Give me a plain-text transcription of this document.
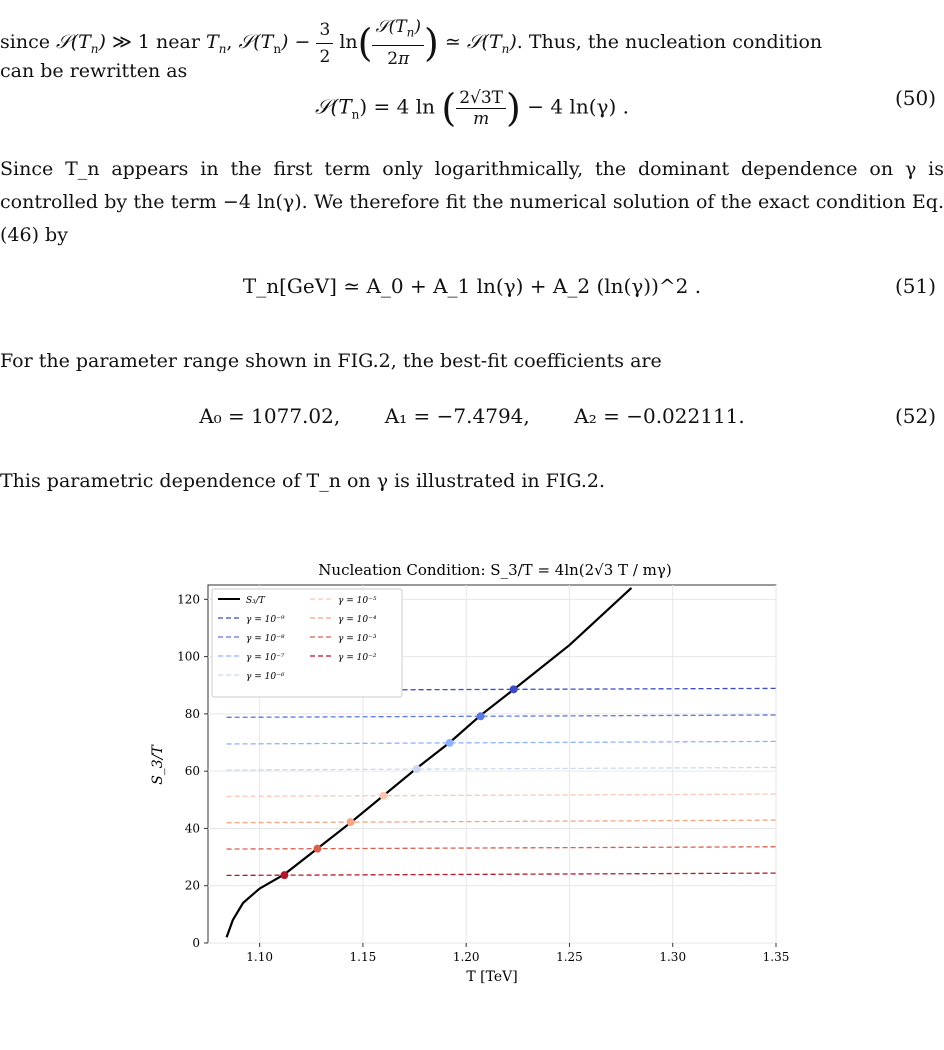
since $𝒮(T_n)$ ≫ 1 near $T_n$, $𝒮(T_n) - \frac{3}{2} \ln( \frac{𝒮(T_n)}{2\pi}$ ) ≃ $𝒮(T_n)$. Thus, the nucleation condition

can be rewritten as

$𝒮(T_n) = 4$ ln ( $\frac{2√3T}{m}$ ) − 4 ln(γ) .	(50)

Since T_n appears in the first term only logarithmically, the dominant dependence on γ is controlled by the term −4 ln(γ). We therefore fit the numerical solution of the exact condition Eq. (46) by

T_n[GeV] ≃ A_0 + A_1 ln(γ) + A_2 (ln(γ))^2 .	(51)

For the parameter range shown in FIG.2, the best-fit coefficients are

A₀ = 1077.02, A₁ = −7.4794, A₂ = −0.022111.	(52)

This parametric dependence of T_n on γ is illustrated in FIG.2.

Nucleation Condition: S_3/T = 4ln(2√3 T / mγ)
1.10	1.15	1.20	1.25	1.30	1.35
0
20
40
60
80
100
120
T [TeV]
S_3/T
S₃/T
γ = 10⁻⁹
γ = 10⁻⁸
γ = 10⁻⁷
γ = 10⁻⁶
γ = 10⁻⁵
γ = 10⁻⁴
γ = 10⁻³
γ = 10⁻²
